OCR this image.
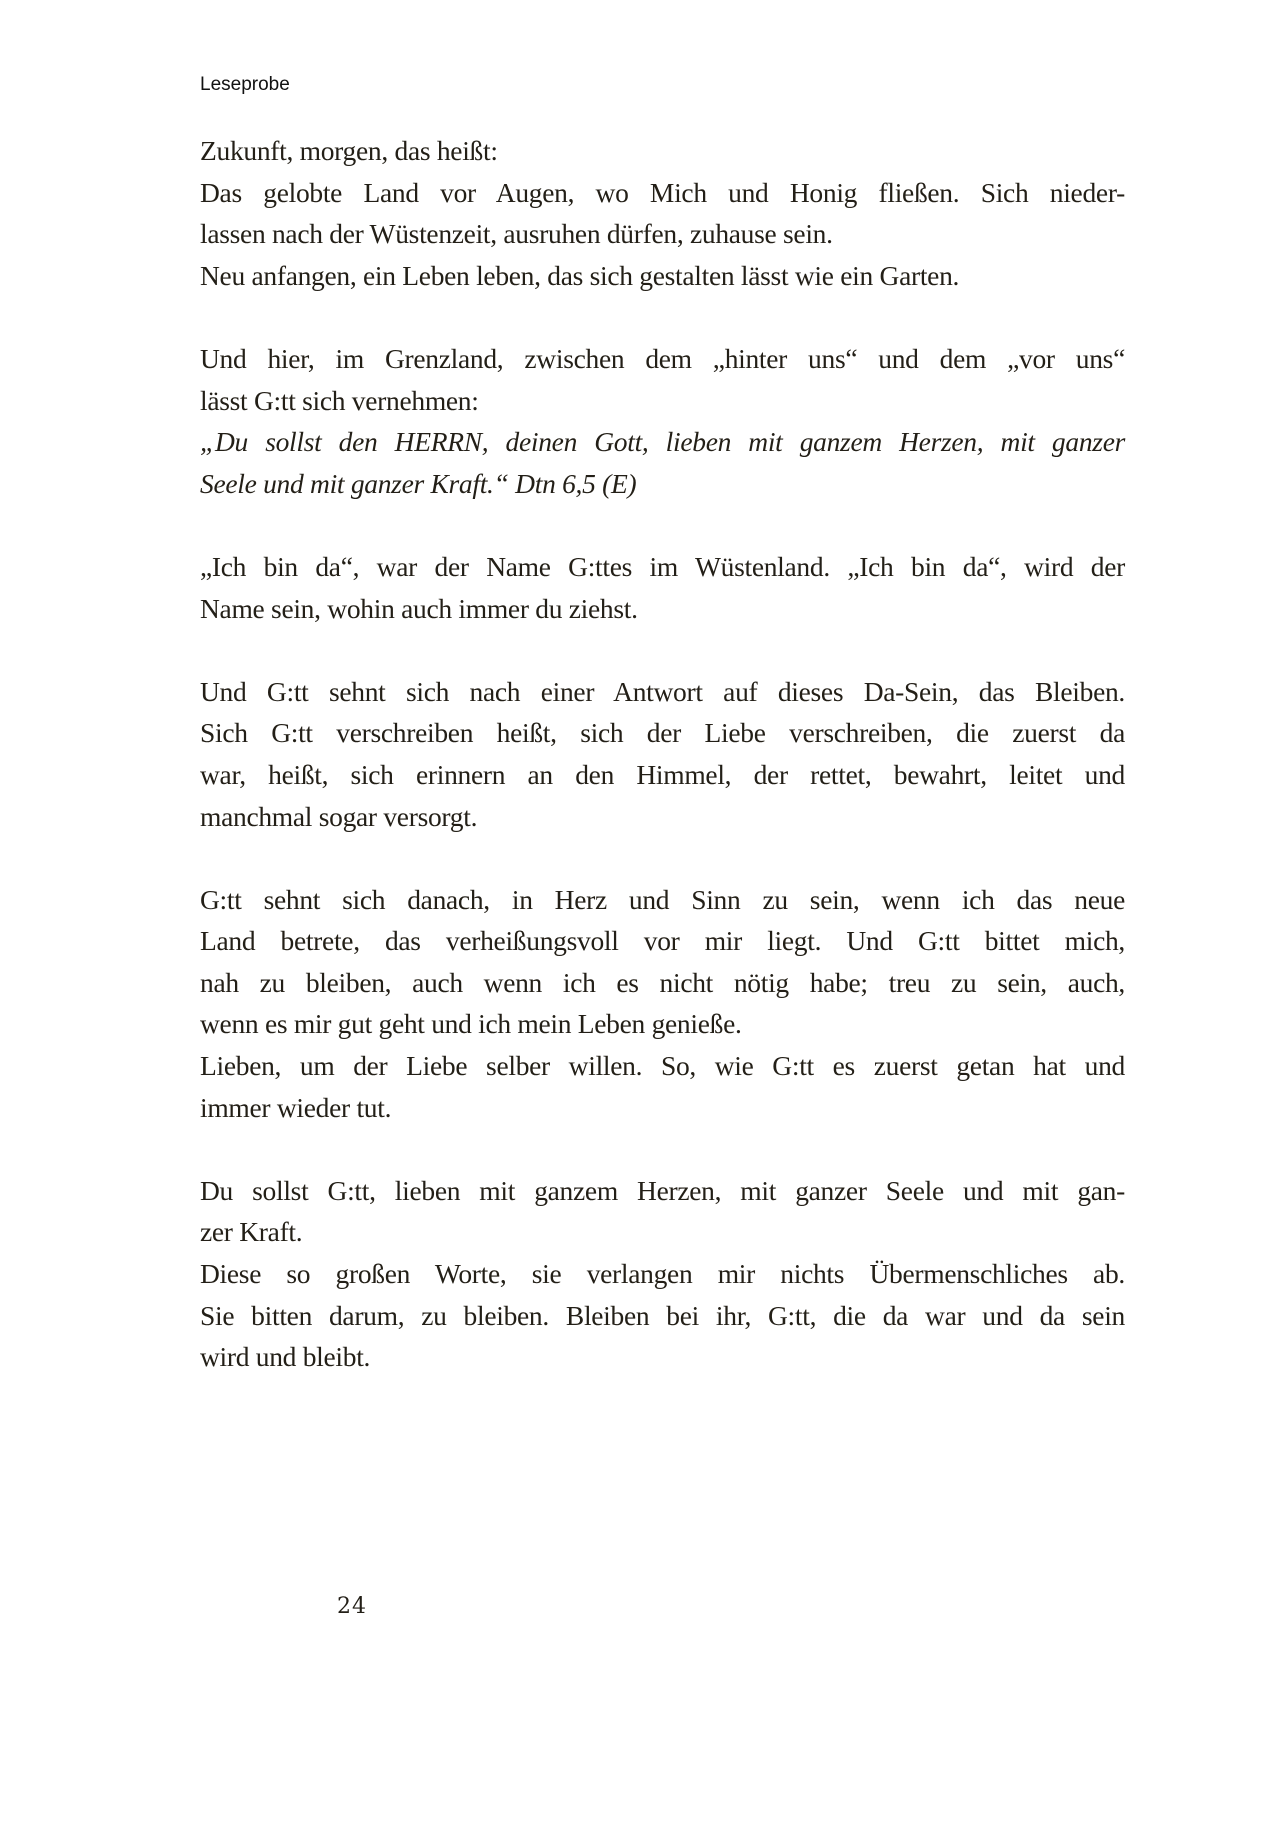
Leseprobe
Zukunft, morgen, das heißt:
Das gelobte Land vor Augen, wo Mich und Honig fließen. Sich nieder-
lassen nach der Wüstenzeit, ausruhen dürfen, zuhause sein.
Neu anfangen, ein Leben leben, das sich gestalten lässt wie ein Garten.
Und hier, im Grenzland, zwischen dem „hinter uns“ und dem „vor uns“
lässt G:tt sich vernehmen:
„Du sollst den HERRN, deinen Gott, lieben mit ganzem Herzen, mit ganzer
Seele und mit ganzer Kraft.“ Dtn 6,5 (E)
„Ich bin da“, war der Name G:ttes im Wüstenland. „Ich bin da“, wird der
Name sein, wohin auch immer du ziehst.
Und G:tt sehnt sich nach einer Antwort auf dieses Da-Sein, das Bleiben.
Sich G:tt verschreiben heißt, sich der Liebe verschreiben, die zuerst da
war, heißt, sich erinnern an den Himmel, der rettet, bewahrt, leitet und
manchmal sogar versorgt.
G:tt sehnt sich danach, in Herz und Sinn zu sein, wenn ich das neue
Land betrete, das verheißungsvoll vor mir liegt. Und G:tt bittet mich,
nah zu bleiben, auch wenn ich es nicht nötig habe; treu zu sein, auch,
wenn es mir gut geht und ich mein Leben genieße.
Lieben, um der Liebe selber willen. So, wie G:tt es zuerst getan hat und
immer wieder tut.
Du sollst G:tt, lieben mit ganzem Herzen, mit ganzer Seele und mit gan-
zer Kraft.
Diese so großen Worte, sie verlangen mir nichts Übermenschliches ab.
Sie bitten darum, zu bleiben. Bleiben bei ihr, G:tt, die da war und da sein
wird und bleibt.
24
